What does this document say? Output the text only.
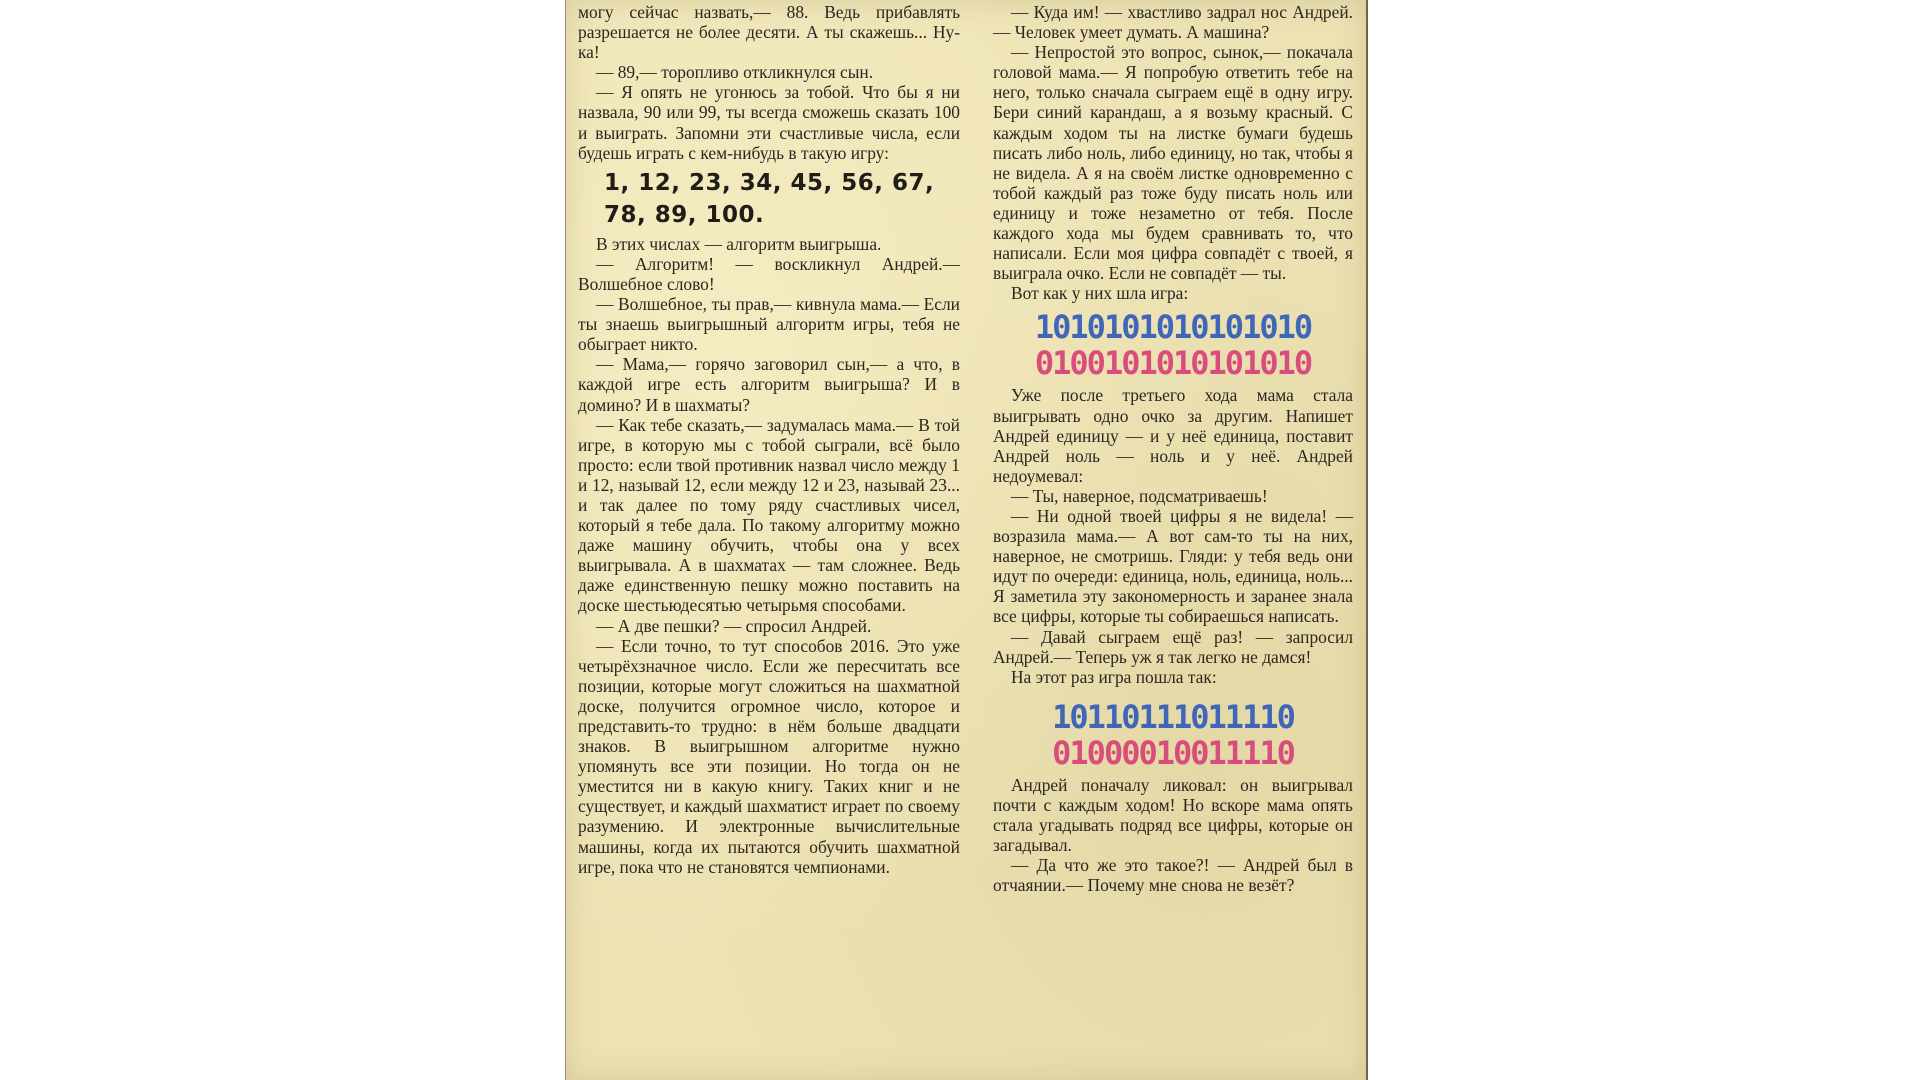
могу сейчас назвать,— 88. Ведь прибавлять разрешается не более десяти. А ты скажешь... Ну-ка!

— 89,— торопливо откликнулся сын.

— Я опять не угонюсь за тобой. Что бы я ни назвала, 90 или 99, ты всегда сможешь сказать 100 и выиграть. Запомни эти счастливые числа, если будешь играть с кем-нибудь в такую игру:

1, 12, 23, 34, 45, 56, 67, 78, 89, 100.

В этих числах — алгоритм выигрыша.

— Алгоритм! — воскликнул Андрей.— Волшебное слово!

— Волшебное, ты прав,— кивнула мама.— Если ты знаешь выигрышный алгоритм игры, тебя не обыграет никто.

— Мама,— горячо заговорил сын,— а что, в каждой игре есть алгоритм выигрыша? И в домино? И в шахматы?

— Как тебе сказать,— задумалась мама.— В той игре, в которую мы с тобой сыграли, всё было просто: если твой противник назвал число между 1 и 12, называй 12, если между 12 и 23, называй 23... и так далее по тому ряду счастливых чисел, который я тебе дала. По такому алгоритму можно даже машину обучить, чтобы она у всех выигрывала. А в шахматах — там сложнее. Ведь даже единственную пешку можно поставить на доске шестьюдесятью четырьмя способами.

— А две пешки? — спросил Андрей.

— Если точно, то тут способов 2016. Это уже четырёхзначное число. Если же пересчитать все позиции, которые могут сложиться на шахматной доске, получится огромное число, которое и представить-то трудно: в нём больше двадцати знаков. В выигрышном алгоритме нужно упомянуть все эти позиции. Но тогда он не уместится ни в какую книгу. Таких книг и не существует, и каждый шахматист играет по своему разумению. И электронные вычислительные машины, когда их пытаются обучить шахматной игре, пока что не становятся чемпионами.

— Куда им! — хвастливо задрал нос Андрей.— Человек умеет думать. А машина?

— Непростой это вопрос, сынок,— покачала головой мама.— Я попробую ответить тебе на него, только сначала сыграем ещё в одну игру. Бери синий карандаш, а я возьму красный. С каждым ходом ты на листке бумаги будешь писать либо ноль, либо единицу, но так, чтобы я не видела. А я на своём листке одновременно с тобой каждый раз тоже буду писать ноль или единицу и тоже незаметно от тебя. После каждого хода мы будем сравнивать то, что написали. Если моя цифра совпадёт с твоей, я выиграла очко. Если не совпадёт — ты.

Вот как у них шла игра:

1010101010101010
0100101010101010

Уже после третьего хода мама стала выигрывать одно очко за другим. Напишет Андрей единицу — и у неё единица, поставит Андрей ноль — ноль и у неё. Андрей недоумевал:

— Ты, наверное, подсматриваешь!

— Ни одной твоей цифры я не видела! — возразила мама.— А вот сам-то ты на них, наверное, не смотришь. Гляди: у тебя ведь они идут по очереди: единица, ноль, единица, ноль... Я заметила эту закономерность и заранее знала все цифры, которые ты собираешься написать.

— Давай сыграем ещё раз! — запросил Андрей.— Теперь уж я так легко не дамся!

На этот раз игра пошла так:

10110111011110
01000010011110

Андрей поначалу ликовал: он выигрывал почти с каждым ходом! Но вскоре мама опять стала угадывать подряд все цифры, которые он загадывал.

— Да что же это такое?! — Андрей был в отчаянии.— Почему мне снова не везёт?
